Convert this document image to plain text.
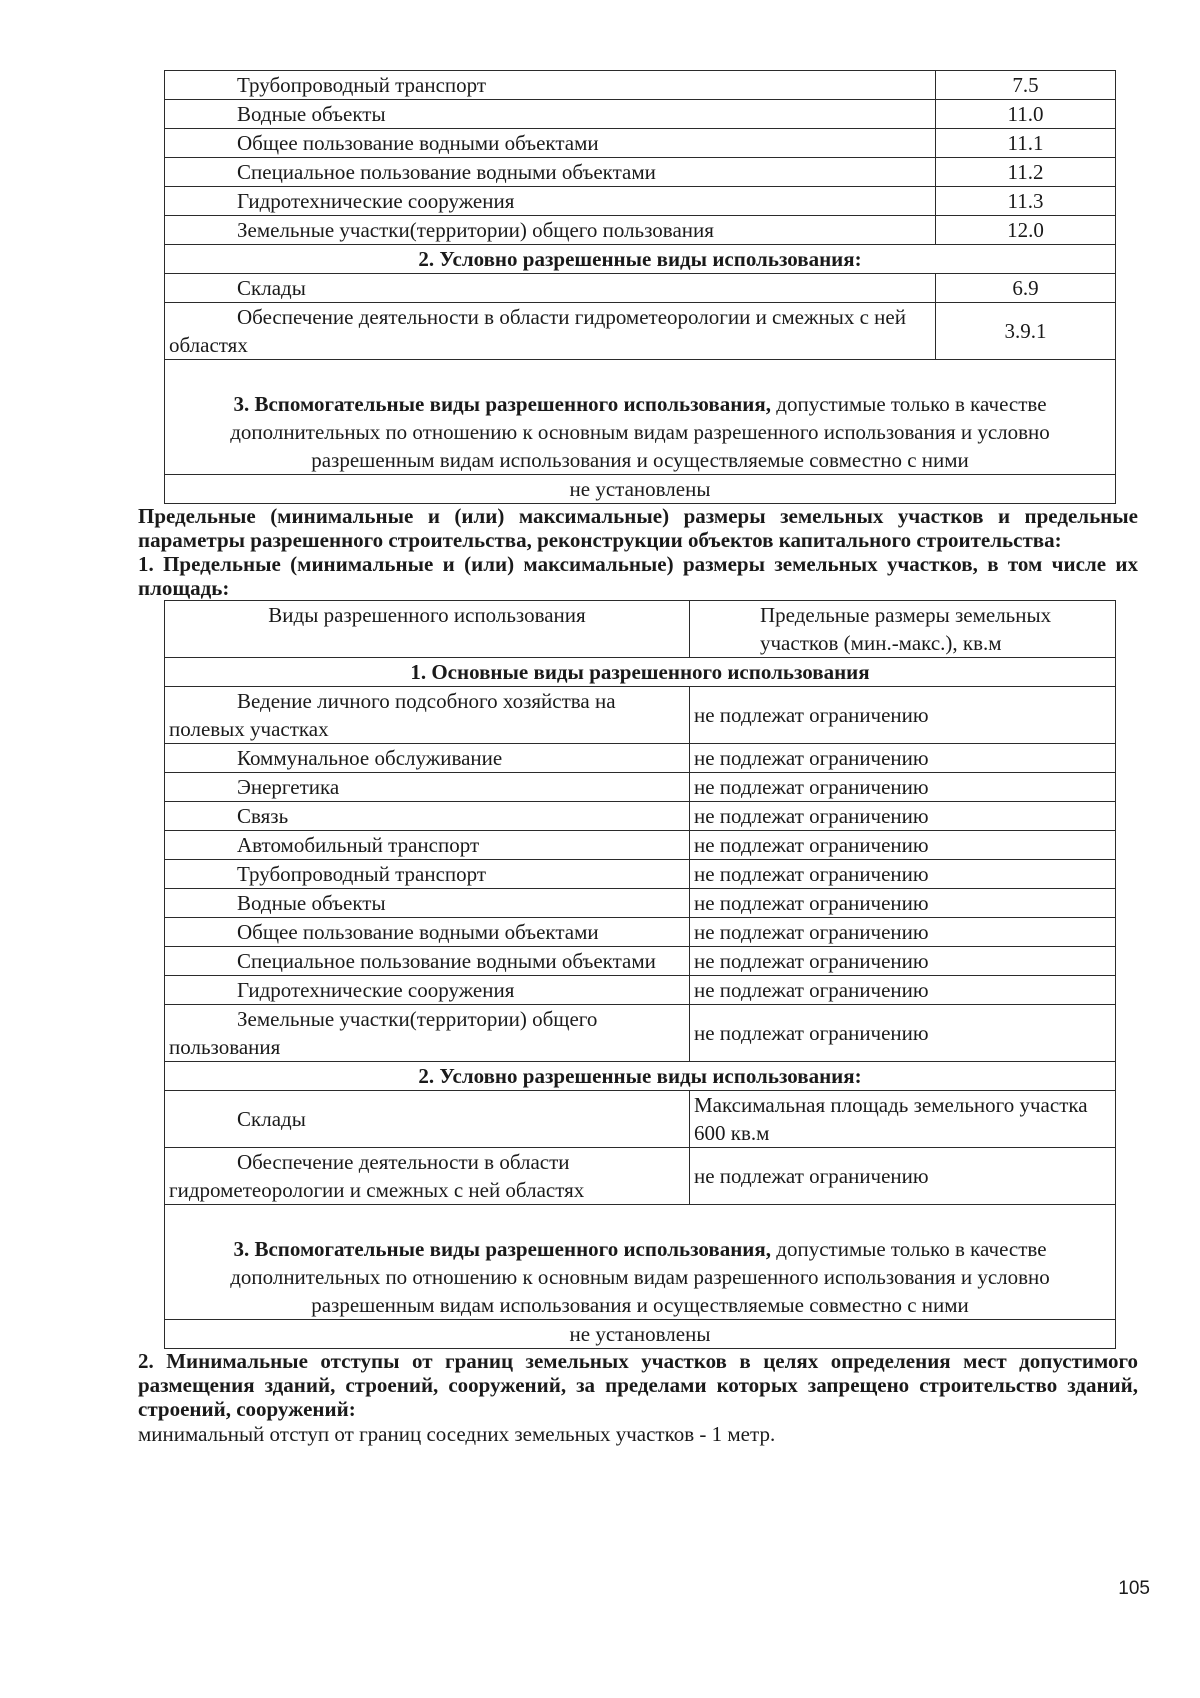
Трубопроводный транспорт	7.5
Водные объекты	11.0
Общее пользование водными объектами	11.1
Специальное пользование водными объектами	11.2
Гидротехнические сооружения	11.3
Земельные участки(территории) общего пользования	12.0
2. Условно разрешенные виды использования:	
Склады	6.9
Обеспечение деятельности в области гидрометеорологии и смежных с ней областях	3.9.1
3. Вспомогательные виды разрешенного использования, допустимые только в качестве дополнительных по отношению к основным видам разрешенного использования и условно разрешенным видам использования и осуществляемые совместно с ними	
не установлены	

Предельные (минимальные и (или) максимальные) размеры земельных участков и предельные параметры разрешенного строительства, реконструкции объектов капитального строительства:

1. Предельные (минимальные и (или) максимальные) размеры земельных участков, в том числе их площадь:

Виды разрешенного использования	Предельные размеры земельных участков (мин.-макс.), кв.м
1. Основные виды разрешенного использования	
Ведение личного подсобного хозяйства на полевых участках	не подлежат ограничению
Коммунальное обслуживание	не подлежат ограничению
Энергетика	не подлежат ограничению
Связь	не подлежат ограничению
Автомобильный транспорт	не подлежат ограничению
Трубопроводный транспорт	не подлежат ограничению
Водные объекты	не подлежат ограничению
Общее пользование водными объектами	не подлежат ограничению
Специальное пользование водными объектами	не подлежат ограничению
Гидротехнические сооружения	не подлежат ограничению
Земельные участки(территории) общего пользования	не подлежат ограничению
2. Условно разрешенные виды использования:	
Склады	Максимальная площадь земельного участка 600 кв.м
Обеспечение деятельности в области гидрометеорологии и смежных с ней областях	не подлежат ограничению
3. Вспомогательные виды разрешенного использования, допустимые только в качестве дополнительных по отношению к основным видам разрешенного использования и условно разрешенным видам использования и осуществляемые совместно с ними	
не установлены	

2. Минимальные отступы от границ земельных участков в целях определения мест допустимого размещения зданий, строений, сооружений, за пределами которых запрещено строительство зданий, строений, сооружений:

минимальный отступ от границ соседних земельных участков - 1 метр.

105
